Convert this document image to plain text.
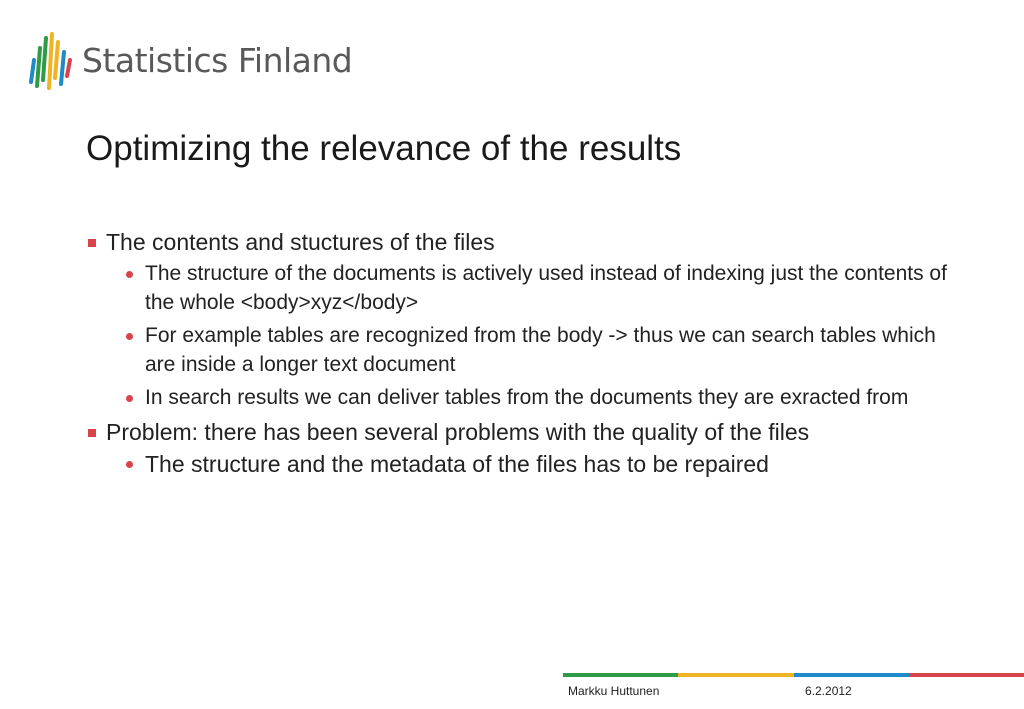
Statistics Finland
Optimizing the relevance of the results
The contents and stuctures of the files
The structure of the documents is actively used instead of indexing just the contents of the whole <body>xyz</body>
For example tables are recognized from the body -> thus we can search tables which are inside a longer text document
In search results we can deliver tables from the documents they are exracted from
Problem: there has been several problems with the quality of the files
The structure and the metadata of the files has to be repaired
Markku Huttunen	6.2.2012
